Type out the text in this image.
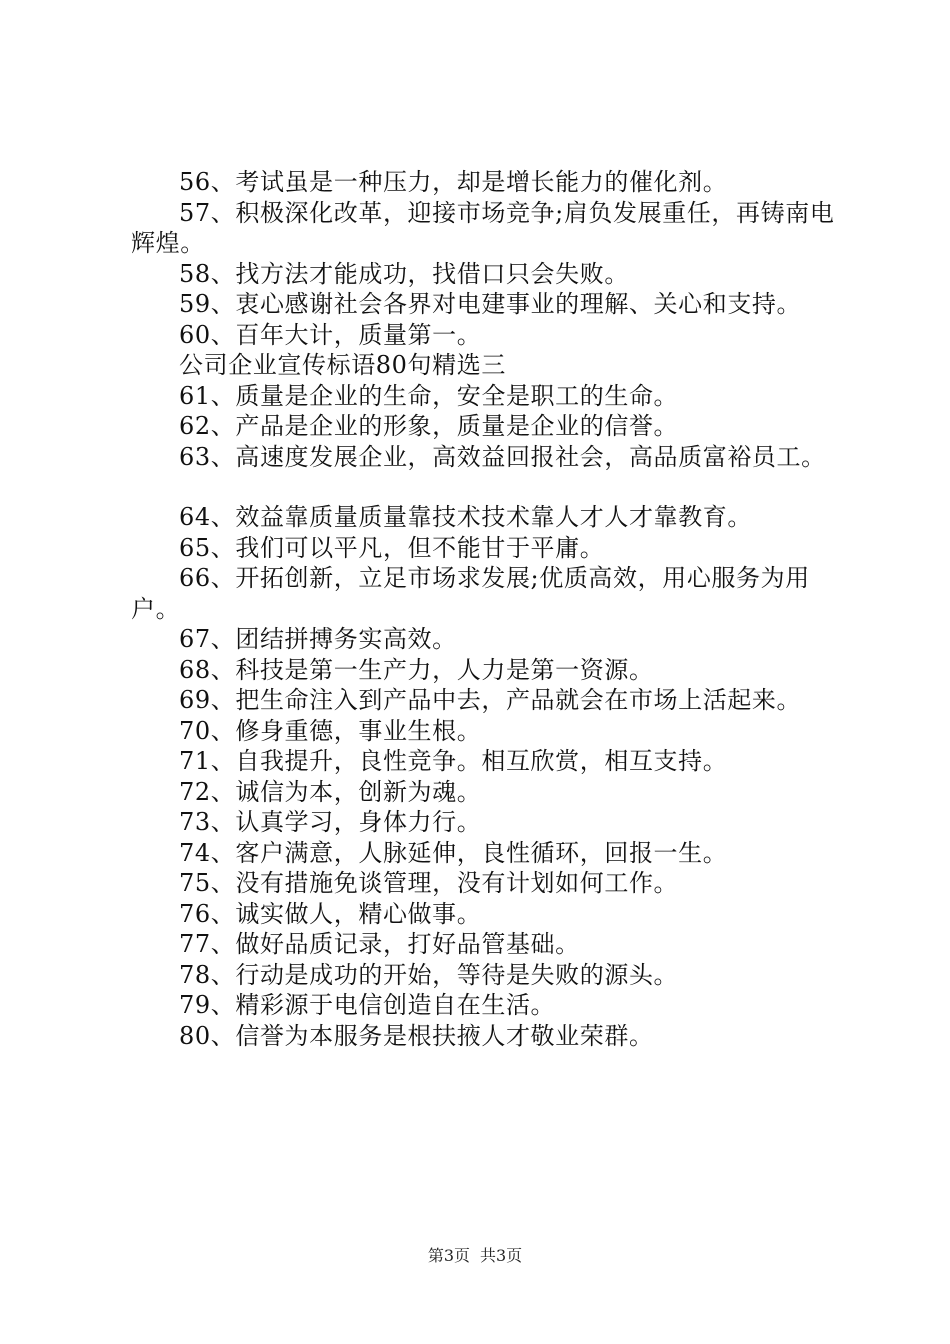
56、考试虽是一种压力，却是增长能力的催化剂。

57、积极深化改革，迎接市场竞争;肩负发展重任，再铸南电辉煌。

58、找方法才能成功，找借口只会失败。

59、衷心感谢社会各界对电建事业的理解、关心和支持。

60、百年大计，质量第一。

公司企业宣传标语80句精选三

61、质量是企业的生命，安全是职工的生命。

62、产品是企业的形象，质量是企业的信誉。

63、高速度发展企业，高效益回报社会，高品质富裕员工。

64、效益靠质量质量靠技术技术靠人才人才靠教育。

65、我们可以平凡，但不能甘于平庸。

66、开拓创新，立足市场求发展;优质高效，用心服务为用户。

67、团结拼搏务实高效。

68、科技是第一生产力，人力是第一资源。

69、把生命注入到产品中去，产品就会在市场上活起来。

70、修身重德，事业生根。

71、自我提升，良性竞争。相互欣赏，相互支持。

72、诚信为本，创新为魂。

73、认真学习，身体力行。

74、客户满意，人脉延伸，良性循环，回报一生。

75、没有措施免谈管理，没有计划如何工作。

76、诚实做人，精心做事。

77、做好品质记录，打好品管基础。

78、行动是成功的开始，等待是失败的源头。

79、精彩源于电信创造自在生活。

80、信誉为本服务是根扶掖人才敬业荣群。

第3页 共3页
